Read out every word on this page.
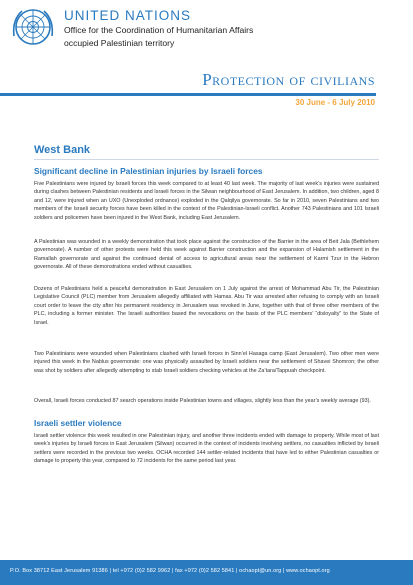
UNITED NATIONS
Office for the Coordination of Humanitarian Affairs
occupied Palestinian territory
Protection of civilians
30 June - 6 July 2010
West Bank
Significant decline in Palestinian injuries by Israeli forces

Five Palestinians were injured by Israeli forces this week compared to at least 40 last week. The majority of last week’s injuries were sustained during clashes between Palestinian residents and Israeli forces in the Silwan neighbourhood of East Jerusalem. In addition, two children, aged 8 and 12, were injured when an UXO (Unexploded ordnance) exploded in the Qalqilya governorate. So far in 2010, seven Palestinians and two members of the Israeli security forces have been killed in the context of the Palestinian-Israeli conflict. Another 743 Palestinians and 101 Israeli soldiers and policemen have been injured in the West Bank, including East Jerusalem.

A Palestinian was wounded in a weekly demonstration that took place against the construction of the Barrier in the area of Beit Jala (Bethlehem governorate). A number of other protests were held this week against Barrier construction and the expansion of Halamish settlement in the Ramallah governorate and against the continued denial of access to agricultural areas near the settlement of Karmi Tzur in the Hebron governorate. All of these demonstrations ended without casualties.

Dozens of Palestinians held a peaceful demonstration in East Jerusalem on 1 July against the arrest of Mohammad Abu Tir, the Palestinian Legislative Council (PLC) member from Jerusalem allegedly affiliated with Hamas. Abu Tir was arrested after refusing to comply with an Israeli court order to leave the city after his permanent residency in Jerusalem was revoked in June, together with that of three other members of the PLC, including a former minister. The Israeli authorities based the revocations on the basis of the PLC members’ “disloyalty” to the State of Israel.

Two Palestinians were wounded when Palestinians clashed with Israeli forces in Sinn’el Hasaga camp (East Jerusalem). Two other men were injured this week in the Nablus governorate: one was physically assaulted by Israeli soldiers near the settlement of Shavei Shomron; the other was shot by soldiers after allegedly attempting to stab Israeli soldiers checking vehicles at the Za’tara/Tappuah checkpoint.

Overall, Israeli forces conducted 87 search operations inside Palestinian towns and villages, slightly less than the year’s weekly average (93).

Israeli settler violence

Israeli settler violence this week resulted in one Palestinian injury, and another three incidents ended with damage to property. While most of last week’s injuries by Israeli forces in East Jerusalem (Silwan) occurred in the context of incidents involving settlers, no casualties inflicted by Israeli settlers were recorded in the previous two weeks. OCHA recorded 144 settler-related incidents that have led to either Palestinian casualties or damage to property this year, compared to 72 incidents for the same period last year.

P.O. Box 38712 East Jerusalem 91386 | tel +972 (0)2 582 9962 | fax +972 (0)2 582 5841 | ochaopt@un.org | www.ochaopt.org
